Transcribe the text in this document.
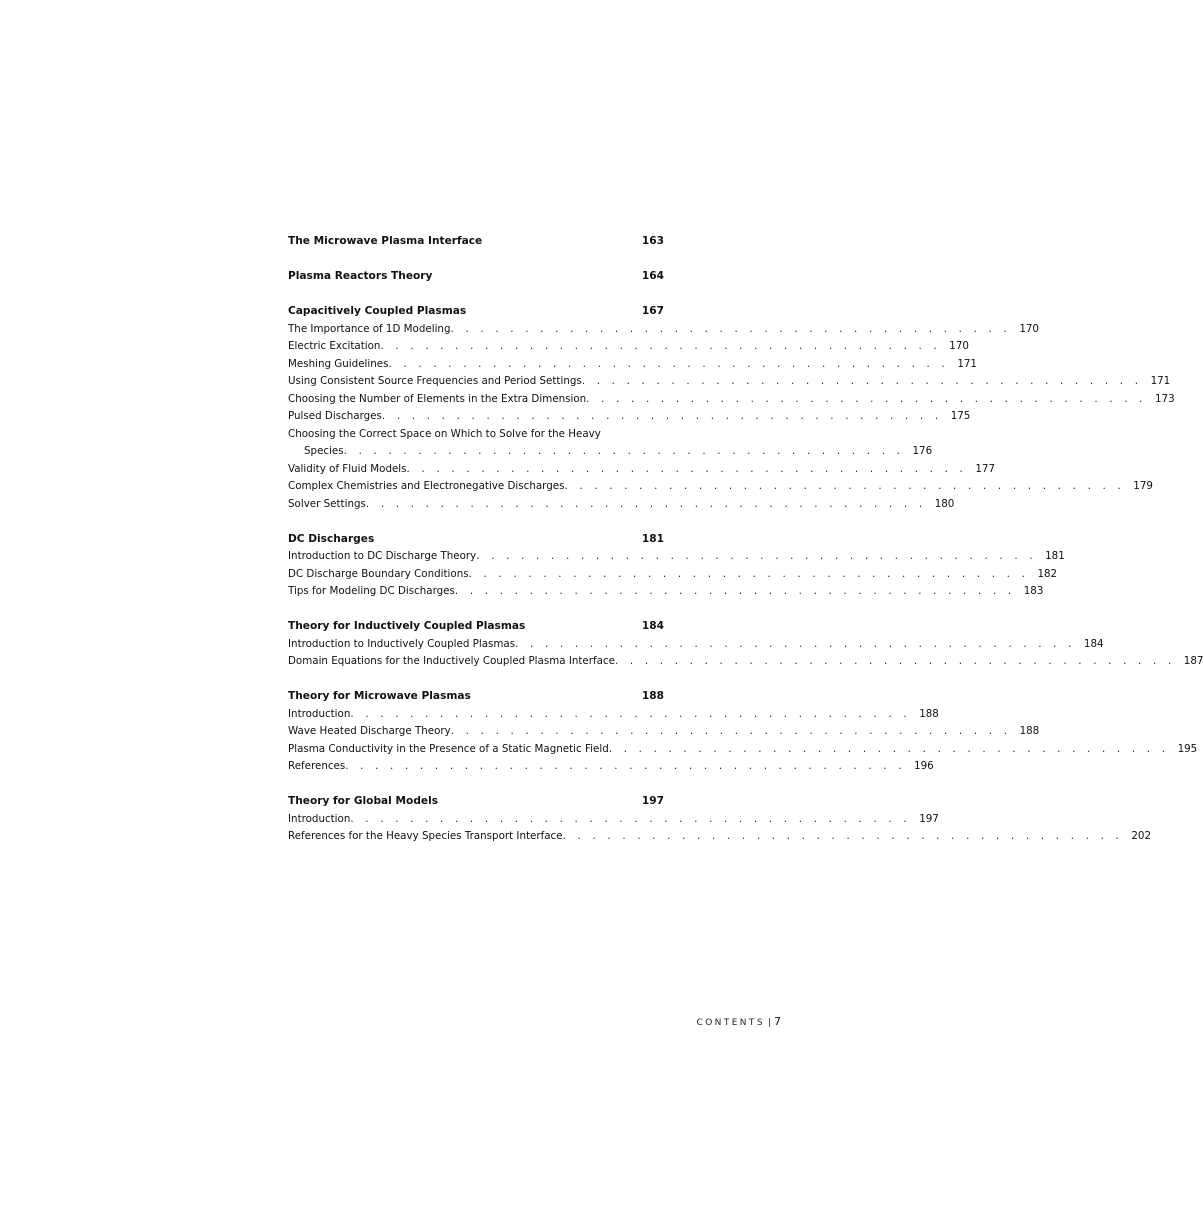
The Microwave Plasma Interface	163
Plasma Reactors Theory	164
Capacitively Coupled Plasmas	167
The Importance of 1D Modeling . . . . . . . . . . . . . . . . . . . . . . . . . . . . . . . . . . . . . . 170
Electric Excitation . . . . . . . . . . . . . . . . . . . . . . . . . . . . . . . . . . . . . . 170
Meshing Guidelines . . . . . . . . . . . . . . . . . . . . . . . . . . . . . . . . . . . . . . 171
Using Consistent Source Frequencies and Period Settings . . . . . . . . . . . . . . . . . . . . . . . . . . . . . . . . . . . . . . 171
Choosing the Number of Elements in the Extra Dimension . . . . . . . . . . . . . . . . . . . . . . . . . . . . . . . . . . . . . . 173
Pulsed Discharges . . . . . . . . . . . . . . . . . . . . . . . . . . . . . . . . . . . . . . 175
Choosing the Correct Space on Which to Solve for the Heavy
Species . . . . . . . . . . . . . . . . . . . . . . . . . . . . . . . . . . . . . . 176
Validity of Fluid Models . . . . . . . . . . . . . . . . . . . . . . . . . . . . . . . . . . . . . . 177
Complex Chemistries and Electronegative Discharges . . . . . . . . . . . . . . . . . . . . . . . . . . . . . . . . . . . . . . 179
Solver Settings . . . . . . . . . . . . . . . . . . . . . . . . . . . . . . . . . . . . . . 180
DC Discharges	181
Introduction to DC Discharge Theory . . . . . . . . . . . . . . . . . . . . . . . . . . . . . . . . . . . . . . 181
DC Discharge Boundary Conditions . . . . . . . . . . . . . . . . . . . . . . . . . . . . . . . . . . . . . . 182
Tips for Modeling DC Discharges . . . . . . . . . . . . . . . . . . . . . . . . . . . . . . . . . . . . . . 183
Theory for Inductively Coupled Plasmas	184
Introduction to Inductively Coupled Plasmas . . . . . . . . . . . . . . . . . . . . . . . . . . . . . . . . . . . . . . 184
Domain Equations for the Inductively Coupled Plasma Interface . . . . . . . . . . . . . . . . . . . . . . . . . . . . . . . . . . . . . . 187
Theory for Microwave Plasmas	188
Introduction . . . . . . . . . . . . . . . . . . . . . . . . . . . . . . . . . . . . . . 188
Wave Heated Discharge Theory . . . . . . . . . . . . . . . . . . . . . . . . . . . . . . . . . . . . . . 188
Plasma Conductivity in the Presence of a Static Magnetic Field . . . . . . . . . . . . . . . . . . . . . . . . . . . . . . . . . . . . . . 195
References . . . . . . . . . . . . . . . . . . . . . . . . . . . . . . . . . . . . . . 196
Theory for Global Models	197
Introduction . . . . . . . . . . . . . . . . . . . . . . . . . . . . . . . . . . . . . . 197
References for the Heavy Species Transport Interface . . . . . . . . . . . . . . . . . . . . . . . . . . . . . . . . . . . . . . 202
CONTENTS | 7
